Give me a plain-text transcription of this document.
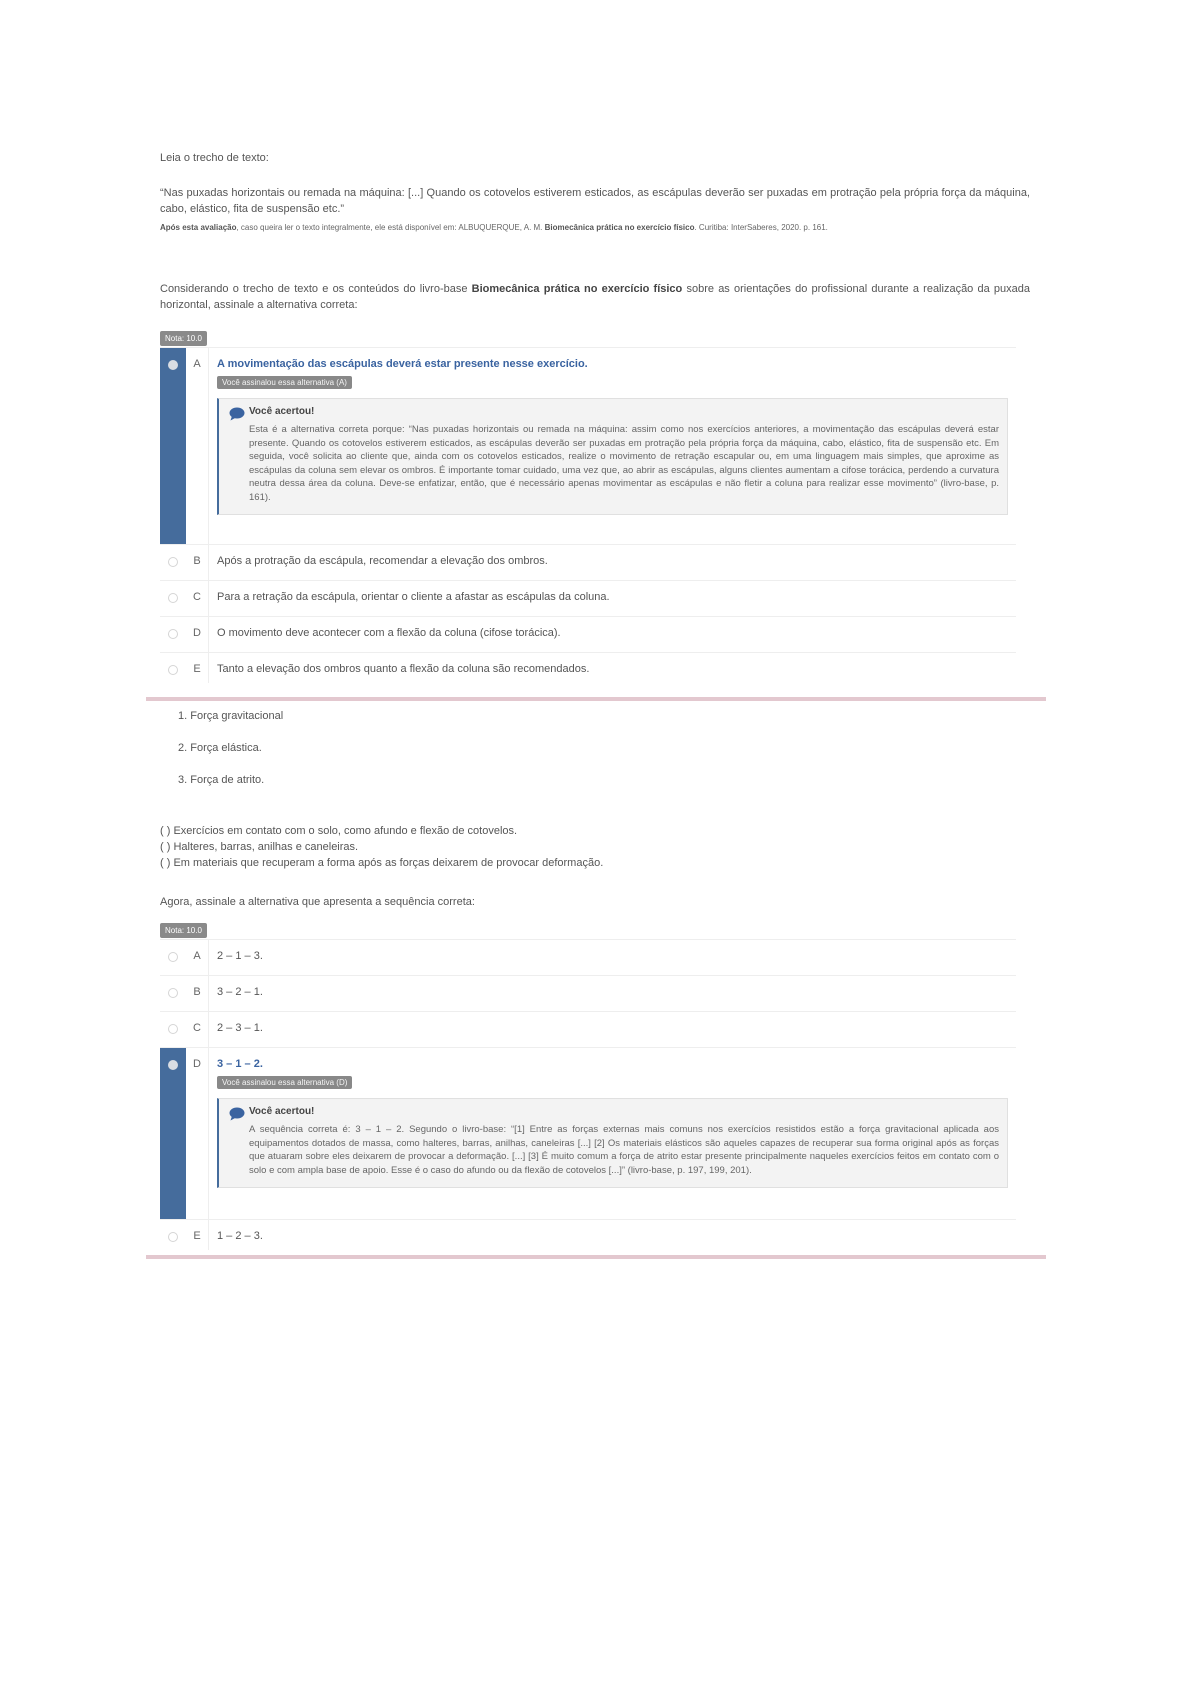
Leia o trecho de texto:

“Nas puxadas horizontais ou remada na máquina: [...] Quando os cotovelos estiverem esticados, as escápulas deverão ser puxadas em protração pela própria força da máquina, cabo, elástico, fita de suspensão etc.”

Após esta avaliação, caso queira ler o texto integralmente, ele está disponível em: ALBUQUERQUE, A. M. Biomecânica prática no exercício físico. Curitiba: InterSaberes, 2020. p. 161.

Considerando o trecho de texto e os conteúdos do livro-base Biomecânica prática no exercício físico sobre as orientações do profissional durante a realização da puxada horizontal, assinale a alternativa correta:

Nota: 10.0
A	A movimentação das escápulas deverá estar presente nesse exercício.
Você assinalou essa alternativa (A)
Você acertou!
Esta é a alternativa correta porque: “Nas puxadas horizontais ou remada na máquina: assim como nos exercícios anteriores, a movimentação das escápulas deverá estar presente. Quando os cotovelos estiverem esticados, as escápulas deverão ser puxadas em protração pela própria força da máquina, cabo, elástico, fita de suspensão etc. Em seguida, você solicita ao cliente que, ainda com os cotovelos esticados, realize o movimento de retração escapular ou, em uma linguagem mais simples, que aproxime as escápulas da coluna sem elevar os ombros. É importante tomar cuidado, uma vez que, ao abrir as escápulas, alguns clientes aumentam a cifose torácica, perdendo a curvatura neutra dessa área da coluna. Deve-se enfatizar, então, que é necessário apenas movimentar as escápulas e não fletir a coluna para realizar esse movimento” (livro-base, p. 161).
B	Após a protração da escápula, recomendar a elevação dos ombros.
C	Para a retração da escápula, orientar o cliente a afastar as escápulas da coluna.
D	O movimento deve acontecer com a flexão da coluna (cifose torácica).
E	Tanto a elevação dos ombros quanto a flexão da coluna são recomendados.
1. Força gravitacional
2. Força elástica.
3. Força de atrito.

( ) Exercícios em contato com o solo, como afundo e flexão de cotovelos.

( ) Halteres, barras, anilhas e caneleiras.

( ) Em materiais que recuperam a forma após as forças deixarem de provocar deformação.

Agora, assinale a alternativa que apresenta a sequência correta:

Nota: 10.0
A	2 – 1 – 3.
B	3 – 2 – 1.
C	2 – 3 – 1.
D	3 – 1 – 2.
Você assinalou essa alternativa (D)
Você acertou!
A sequência correta é: 3 – 1 – 2. Segundo o livro-base: “[1] Entre as forças externas mais comuns nos exercícios resistidos estão a força gravitacional aplicada aos equipamentos dotados de massa, como halteres, barras, anilhas, caneleiras [...] [2] Os materiais elásticos são aqueles capazes de recuperar sua forma original após as forças que atuaram sobre eles deixarem de provocar a deformação. [...] [3] É muito comum a força de atrito estar presente principalmente naqueles exercícios feitos em contato com o solo e com ampla base de apoio. Esse é o caso do afundo ou da flexão de cotovelos [...]” (livro-base, p. 197, 199, 201).
E	1 – 2 – 3.
